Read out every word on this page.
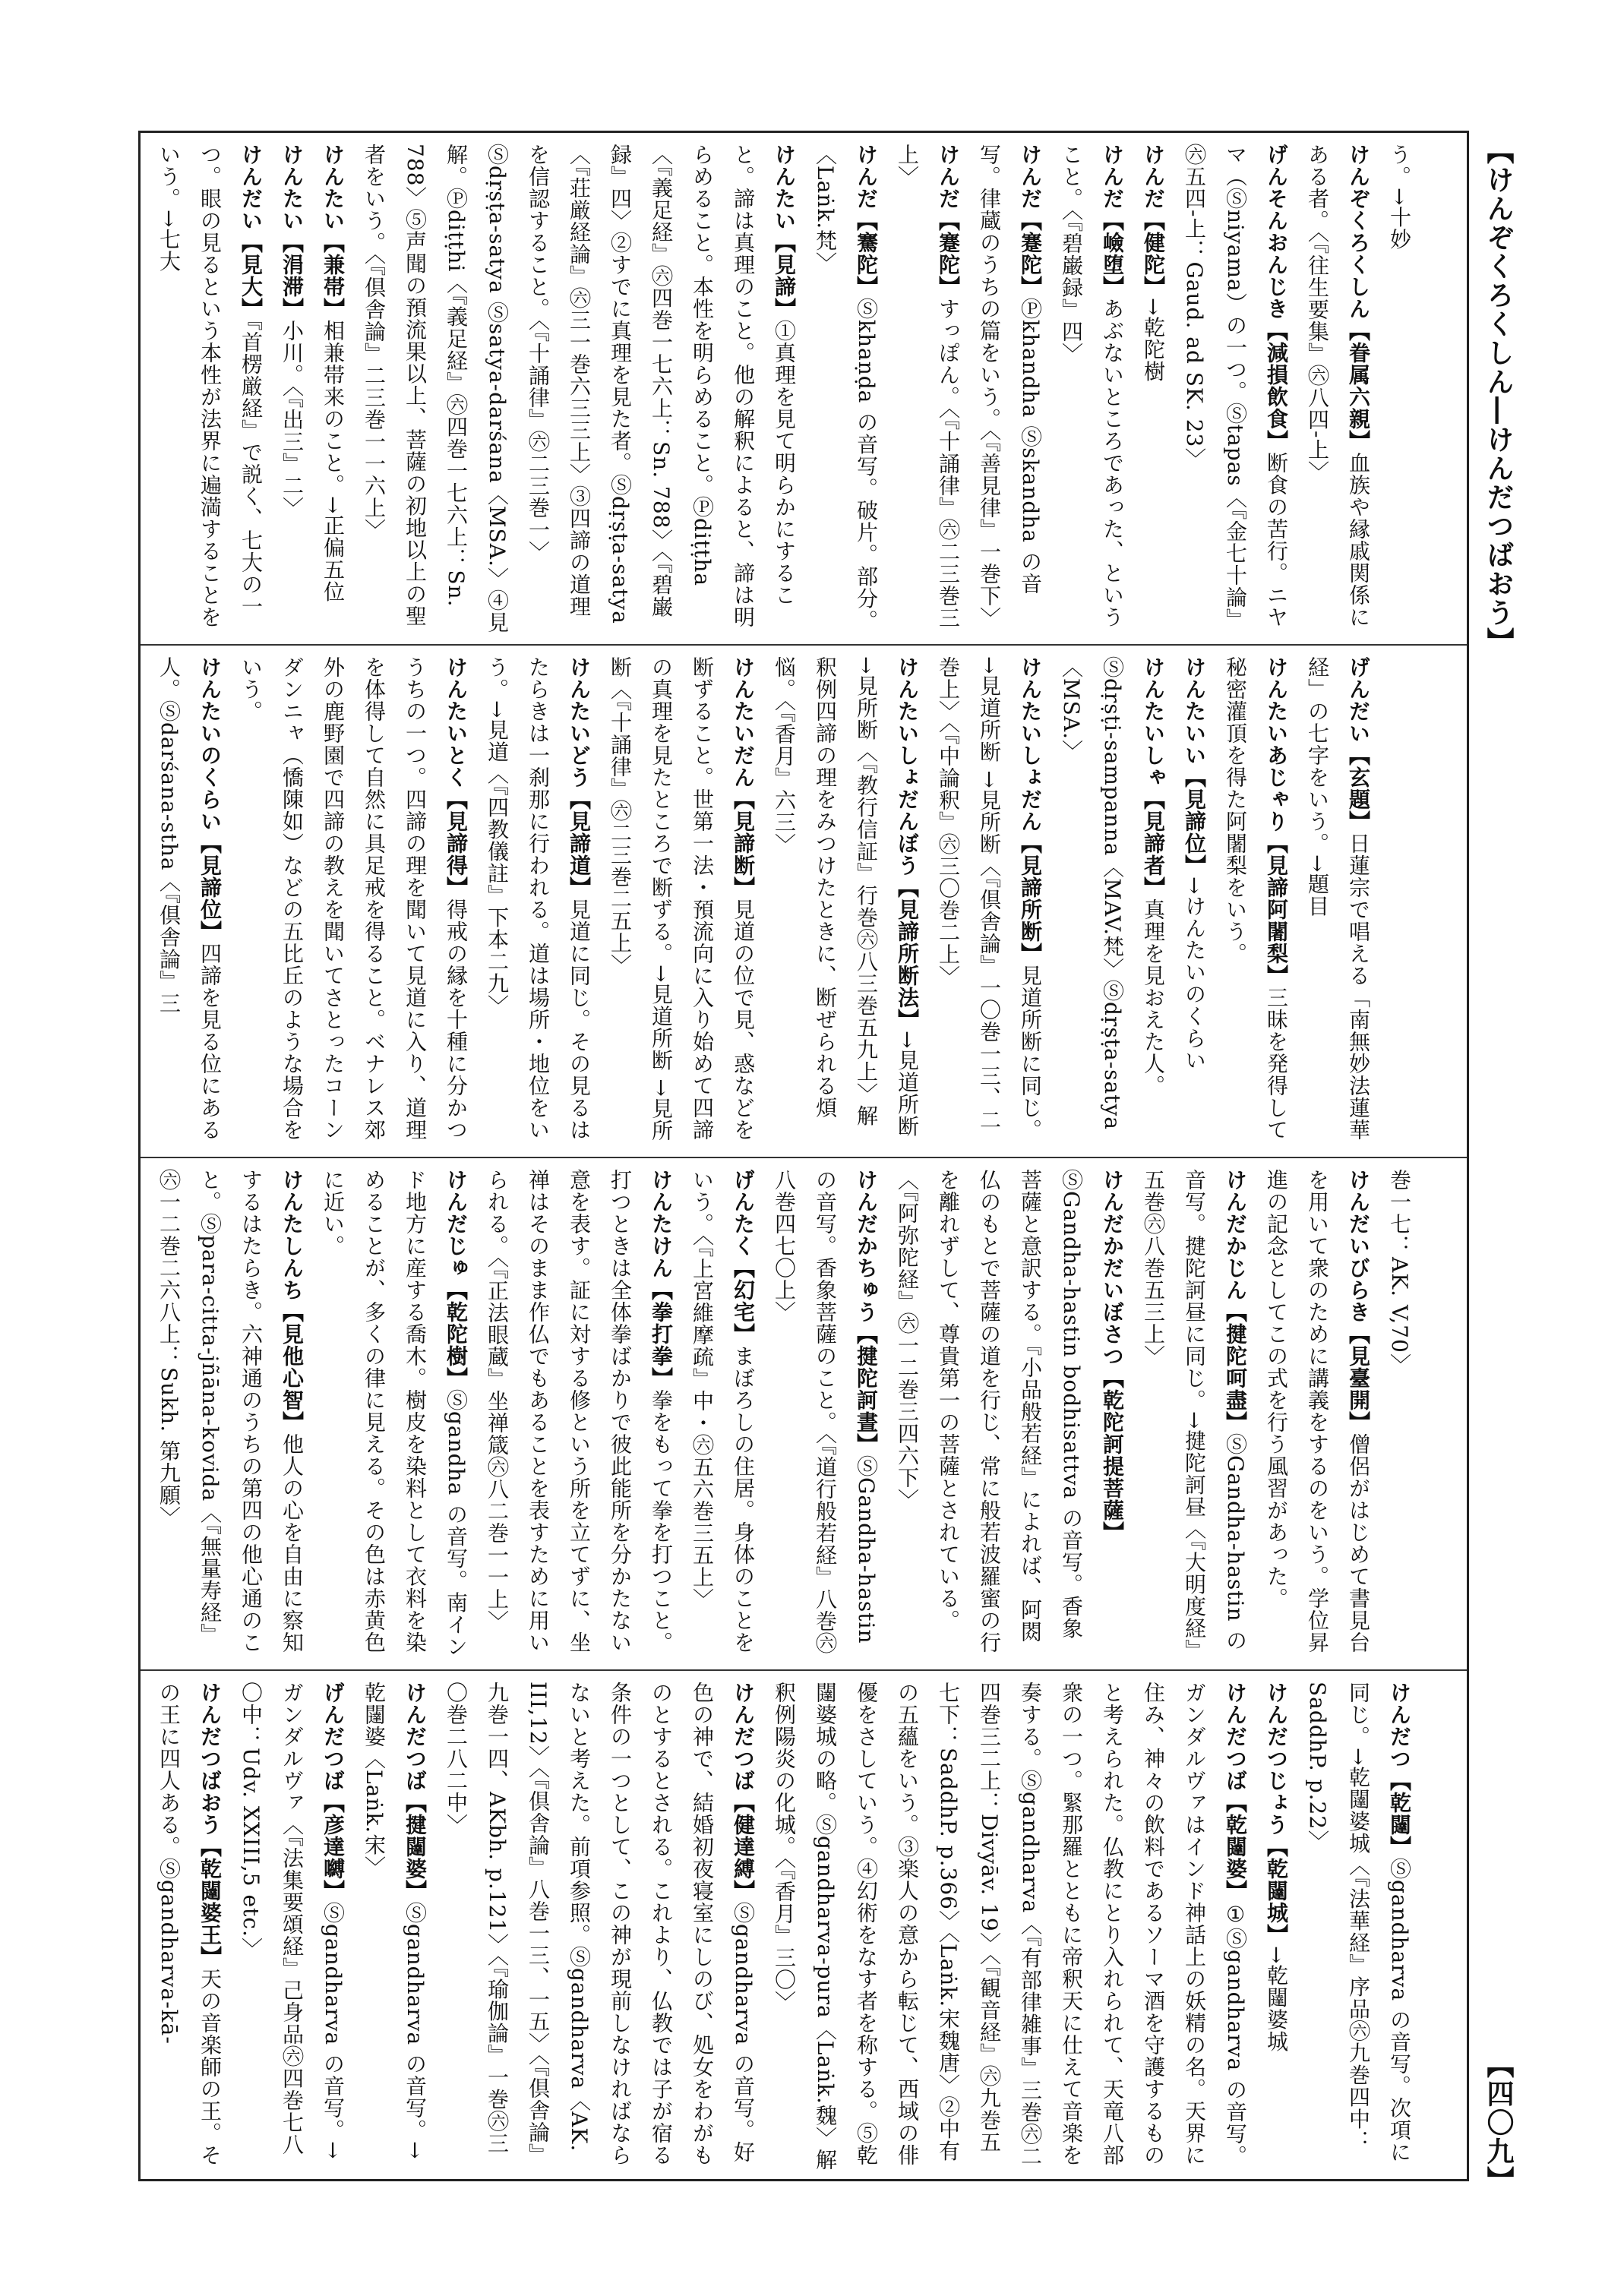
【けんぞくろくしん―けんだつばおう】
【四〇九】
う。→十妙
けんぞくろくしん【眷属六親】血族や縁戚関係にある者。〈『往生要集』㊅八四‑上〉
げんそんおんじき【減損飲食】断食の苦行。ニヤマ（Ⓢniyama）の一つ。Ⓢtapas〈『金七十論』㊅五四‑上：Gaud. ad SK. 23〉
けんだ【健陀】→乾陀樹
けんだ【嶮堕】あぶないところであった、ということ。〈『碧巌録』四〉
けんだ【蹇陀】Ⓟkhandha Ⓢskandha の音写。律蔵のうちの篇をいう。〈『善見律』一巻下〉
けんだ【蹇陀】すっぽん。〈『十誦律』㊅二三巻三上〉
けんだ【騫陀】Ⓢkhaṇḍa の音写。破片。部分。〈Laṅk.梵〉
けんたい【見諦】①真理を見て明らかにすること。諦は真理のこと。他の解釈によると、諦は明らめること。本性を明らめること。Ⓟdiṭṭha〈『義足経』㊅四巻一七六上：Sn. 788〉〈『碧巌録』四〉②すでに真理を見た者。Ⓢdṛṣṭa-satya〈『荘厳経論』㊅三一巻六三三上〉③四諦の道理を信認すること。〈『十誦律』㊅二三巻一〉Ⓢdṛṣṭa-satya Ⓢsatya-darśana〈MSA.〉④見解。Ⓟdiṭṭhi〈『義足経』㊅四巻一七六上：Sn. 788〉⑤声聞の預流果以上、菩薩の初地以上の聖者をいう。〈『倶舎論』二三巻一一六上〉
けんたい【兼帯】相兼帯来のこと。→正偏五位
けんたい【涓滞】小川。〈『出三』二〉
けんだい【見大】『首楞厳経』で説く、七大の一つ。眼の見るという本性が法界に遍満することをいう。→七大
げんだい【玄題】日蓮宗で唱える「南無妙法蓮華経」の七字をいう。→題目
けんたいあじゃり【見諦阿闍梨】三昧を発得して秘密灌頂を得た阿闍梨をいう。
けんたいい【見諦位】→けんたいのくらい
けんたいしゃ【見諦者】真理を見おえた人。Ⓢdṛṣṭi-sampanna〈MAV.梵〉Ⓢdṛṣṭa-satya〈MSA.〉
けんたいしょだん【見諦所断】見道所断に同じ。→見道所断 →見所断〈『倶舎論』一〇巻一三、二巻上〉〈『中論釈』㊅三〇巻二上〉
けんたいしょだんぼう【見諦所断法】→見道所断 →見所断〈『教行信証』行巻㊅八三巻五九上〉解釈例四諦の理をみつけたときに、断ぜられる煩悩。〈『香月』六三〉
けんたいだん【見諦断】見道の位で見、惑などを断ずること。世第一法・預流向に入り始めて四諦の真理を見たところで断ずる。→見道所断 →見所断〈『十誦律』㊅二三巻二五上〉
けんたいどう【見諦道】見道に同じ。その見るはたらきは一刹那に行われる。道は場所・地位をいう。→見道〈『四教儀註』下本二九〉
けんたいとく【見諦得】得戒の縁を十種に分かつうちの一つ。四諦の理を聞いて見道に入り、道理を体得して自然に具足戒を得ること。ベナレス郊外の鹿野園で四諦の教えを聞いてさとったコーンダンニャ（憍陳如）などの五比丘のような場合をいう。
けんたいのくらい【見諦位】四諦を見る位にある人。Ⓢdarśana-stha〈『倶舎論』三
巻一七：AK. V,70〉
けんだいびらき【見臺開】僧侶がはじめて書見台を用いて衆のために講義をするのをいう。学位昇進の記念としてこの式を行う風習があった。
けんだかじん【揵陀呵盡】ⓈGandha-hastin の音写。揵陀訶昼に同じ。→揵陀訶昼〈『大明度経』五巻㊅八巻五三上〉
けんだかだいぼさつ【乾陀訶提菩薩】ⓈGandha-hastin bodhisattva の音写。香象菩薩と意訳する。『小品般若経』によれば、阿閦仏のもとで菩薩の道を行じ、常に般若波羅蜜の行を離れずして、尊貴第一の菩薩とされている。〈『阿弥陀経』㊅一二巻三四六下〉
けんだかちゅう【揵陀訶晝】ⓈGandha-hastin の音写。香象菩薩のこと。〈『道行般若経』八巻㊅八巻四七〇上〉
げんたく【幻宅】まぼろしの住居。身体のことをいう。〈『上宮維摩疏』中・㊅五六巻三五上〉
けんたけん【拳打拳】拳をもって拳を打つこと。打つときは全体拳ばかりで彼此能所を分かたない意を表す。証に対する修という所を立てずに、坐禅はそのまま作仏でもあることを表すために用いられる。〈『正法眼蔵』坐禅箴㊅八二巻一一上〉
けんだじゅ【乾陀樹】Ⓢgandha の音写。南インド地方に産する喬木。樹皮を染料として衣料を染めることが、多くの律に見える。その色は赤黄色に近い。
けんたしんち【見他心智】他人の心を自由に察知するはたらき。六神通のうちの第四の他心通のこと。Ⓢpara-citta-jñāna-kovida〈『無量寿経』㊅一二巻二六八上：Sukh. 第九願〉
けんだつ【乾闥】Ⓢgandharva の音写。次項に同じ。→乾闥婆城〈『法華経』序品㊅九巻四中：SaddhP. p.22〉
けんだつじょう【乾闥城】→乾闥婆城
けんだつば【乾闥婆】①Ⓢgandharva の音写。ガンダルヴァはインド神話上の妖精の名。天界に住み、神々の飲料であるソーマ酒を守護するものと考えられた。仏教にとり入れられて、天竜八部衆の一つ。緊那羅とともに帝釈天に仕えて音楽を奏する。Ⓢgandharva〈『有部律雑事』三巻㊅二四巻三二上：Divyāv. 19〉〈『観音経』㊅九巻五七下：SaddhP. p.366〉〈Laṅk.宋魏唐〉②中有の五蘊をいう。③楽人の意から転じて、西域の俳優をさしていう。④幻術をなす者を称する。⑤乾闥婆城の略。Ⓢgandharva-pura〈Laṅk.魏〉解釈例陽炎の化城。〈『香月』三〇〉
けんだつば【健達縛】Ⓢgandharva の音写。好色の神で、結婚初夜寝室にしのび、処女をわがものとするとされる。これより、仏教では子が宿る条件の一つとして、この神が現前しなければならないと考えた。前項参照。Ⓢgandharva〈AK. III,12〉〈『倶舎論』八巻一三、一五〉〈『倶舎論』九巻一四、AKbh. p.121〉〈『瑜伽論』一巻㊅三〇巻二八二中〉
けんだつば【揵闥婆】Ⓢgandharva の音写。→乾闥婆〈Laṅk.宋〉
げんだつば【彦達嚩】Ⓢgandharva の音写。→ガンダルヴァ〈『法集要頌経』己身品㊅四巻七八〇中：Udv. XXIII,5 etc.〉
けんだつばおう【乾闥婆王】天の音楽師の王。その王に四人ある。Ⓢgandharva-kā-
